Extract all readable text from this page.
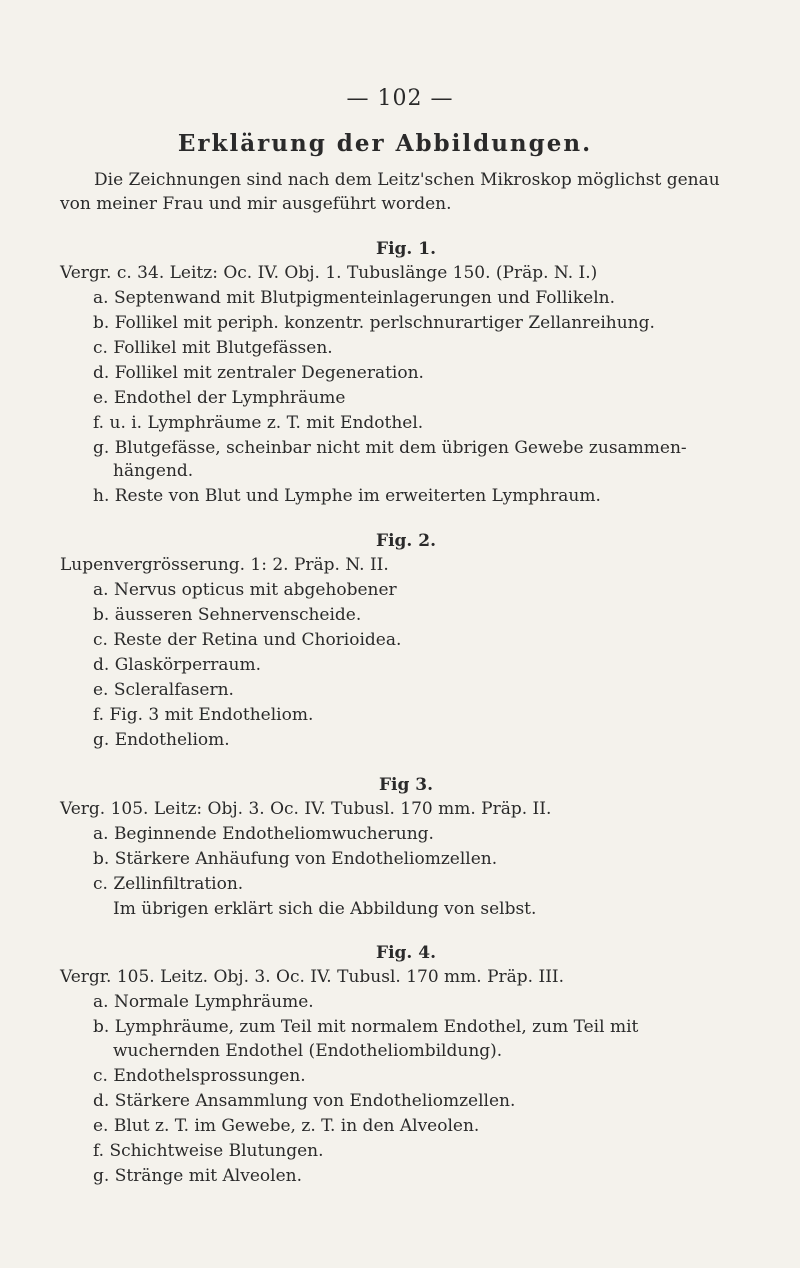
— 102 —
Erklärung der Abbildungen.
Die Zeichnungen sind nach dem Leitz'schen Mikroskop möglichst genau
von meiner Frau und mir ausgeführt worden.
Fig. 1.
Vergr. c. 34. Leitz: Oc. IV. Obj. 1. Tubuslänge 150. (Präp. N. I.)
a. Septenwand mit Blutpigmenteinlagerungen und Follikeln.
b. Follikel mit periph. konzentr. perlschnurartiger Zellanreihung.
c. Follikel mit Blutgefässen.
d. Follikel mit zentraler Degeneration.
e. Endothel der Lymphräume
f. u. i. Lymphräume z. T. mit Endothel.
g. Blutgefässe, scheinbar nicht mit dem übrigen Gewebe zusammen-
hängend.
h. Reste von Blut und Lymphe im erweiterten Lymphraum.
Fig. 2.
Lupenvergrösserung. 1: 2. Präp. N. II.
a. Nervus opticus mit abgehobener
b. äusseren Sehnervenscheide.
c. Reste der Retina und Chorioidea.
d. Glaskörperraum.
e. Scleralfasern.
f. Fig. 3 mit Endotheliom.
g. Endotheliom.
Fig 3.
Verg. 105. Leitz: Obj. 3. Oc. IV. Tubusl. 170 mm. Präp. II.
a. Beginnende Endotheliomwucherung.
b. Stärkere Anhäufung von Endotheliomzellen.
c. Zellinfiltration.
Im übrigen erklärt sich die Abbildung von selbst.
Fig. 4.
Vergr. 105. Leitz. Obj. 3. Oc. IV. Tubusl. 170 mm. Präp. III.
a. Normale Lymphräume.
b. Lymphräume, zum Teil mit normalem Endothel, zum Teil mit
wuchernden Endothel (Endotheliombildung).
c. Endothelsprossungen.
d. Stärkere Ansammlung von Endotheliomzellen.
e. Blut z. T. im Gewebe, z. T. in den Alveolen.
f. Schichtweise Blutungen.
g. Stränge mit Alveolen.
